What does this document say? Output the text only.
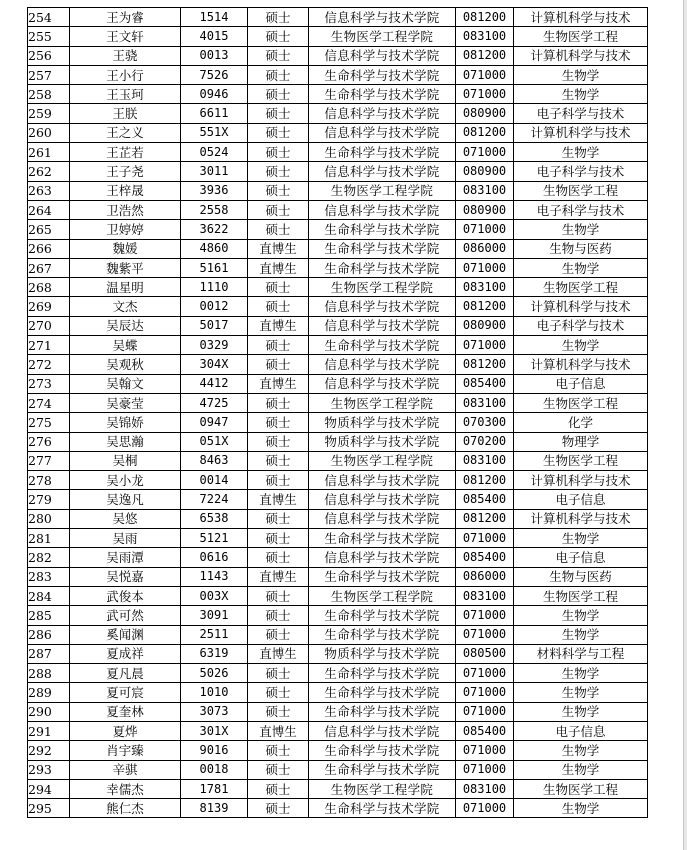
254	王为睿	1514	硕士	信息科学与技术学院	081200	计算机科学与技术
255	王文轩	4015	硕士	生物医学工程学院	083100	生物医学工程
256	王骁	0013	硕士	信息科学与技术学院	081200	计算机科学与技术
257	王小行	7526	硕士	生命科学与技术学院	071000	生物学
258	王玉珂	0946	硕士	生命科学与技术学院	071000	生物学
259	王朕	6611	硕士	信息科学与技术学院	080900	电子科学与技术
260	王之义	551X	硕士	信息科学与技术学院	081200	计算机科学与技术
261	王芷若	0524	硕士	生命科学与技术学院	071000	生物学
262	王子尧	3011	硕士	信息科学与技术学院	080900	电子科学与技术
263	王梓晟	3936	硕士	生物医学工程学院	083100	生物医学工程
264	卫浩然	2558	硕士	信息科学与技术学院	080900	电子科学与技术
265	卫婷婷	3622	硕士	生命科学与技术学院	071000	生物学
266	魏媛	4860	直博生	生命科学与技术学院	086000	生物与医药
267	魏紫平	5161	直博生	生命科学与技术学院	071000	生物学
268	温星明	1110	硕士	生物医学工程学院	083100	生物医学工程
269	文杰	0012	硕士	信息科学与技术学院	081200	计算机科学与技术
270	吴辰达	5017	直博生	信息科学与技术学院	080900	电子科学与技术
271	吴蝶	0329	硕士	生命科学与技术学院	071000	生物学
272	吴观秋	304X	硕士	信息科学与技术学院	081200	计算机科学与技术
273	吴翰文	4412	直博生	信息科学与技术学院	085400	电子信息
274	吴豪莹	4725	硕士	生物医学工程学院	083100	生物医学工程
275	吴锦娇	0947	硕士	物质科学与技术学院	070300	化学
276	吴思瀚	051X	硕士	物质科学与技术学院	070200	物理学
277	吴桐	8463	硕士	生物医学工程学院	083100	生物医学工程
278	吴小龙	0014	硕士	信息科学与技术学院	081200	计算机科学与技术
279	吴逸凡	7224	直博生	信息科学与技术学院	085400	电子信息
280	吴悠	6538	硕士	信息科学与技术学院	081200	计算机科学与技术
281	吴雨	5121	硕士	生命科学与技术学院	071000	生物学
282	吴雨潭	0616	硕士	信息科学与技术学院	085400	电子信息
283	吴悦嘉	1143	直博生	生命科学与技术学院	086000	生物与医药
284	武俊本	003X	硕士	生物医学工程学院	083100	生物医学工程
285	武可然	3091	硕士	生命科学与技术学院	071000	生物学
286	奚闻渊	2511	硕士	生命科学与技术学院	071000	生物学
287	夏成祥	6319	直博生	物质科学与技术学院	080500	材料科学与工程
288	夏凡晨	5026	硕士	生命科学与技术学院	071000	生物学
289	夏可宸	1010	硕士	生命科学与技术学院	071000	生物学
290	夏奎林	3073	硕士	生命科学与技术学院	071000	生物学
291	夏烨	301X	直博生	信息科学与技术学院	085400	电子信息
292	肖宇臻	9016	硕士	生命科学与技术学院	071000	生物学
293	辛骐	0018	硕士	生命科学与技术学院	071000	生物学
294	幸儒杰	1781	硕士	生物医学工程学院	083100	生物医学工程
295	熊仁杰	8139	硕士	生命科学与技术学院	071000	生物学
